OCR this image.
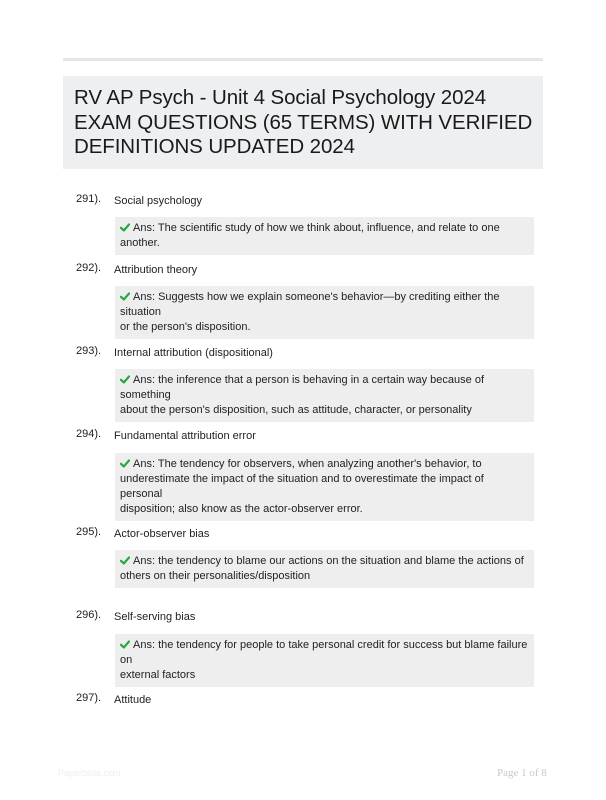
RV AP Psych - Unit 4 Social Psychology 2024
EXAM QUESTIONS (65 TERMS) WITH VERIFIED
DEFINITIONS UPDATED 2024
291). Social psychology
Ans: The scientific study of how we think about, influence, and relate to one another.
292). Attribution theory
Ans: Suggests how we explain someone's behavior—by crediting either the situation
or the person's disposition.
293). Internal attribution (dispositional)
Ans: the inference that a person is behaving in a certain way because of something
about the person's disposition, such as attitude, character, or personality
294). Fundamental attribution error
Ans: The tendency for observers, when analyzing another's behavior, to
underestimate the impact of the situation and to overestimate the impact of personal
disposition; also know as the actor-observer error.
295). Actor-observer bias
Ans: the tendency to blame our actions on the situation and blame the actions of
others on their personalities/disposition
296). Self-serving bias
Ans: the tendency for people to take personal credit for success but blame failure on
external factors
297). Attitude
Paperbible.com	Page 1 of 8
